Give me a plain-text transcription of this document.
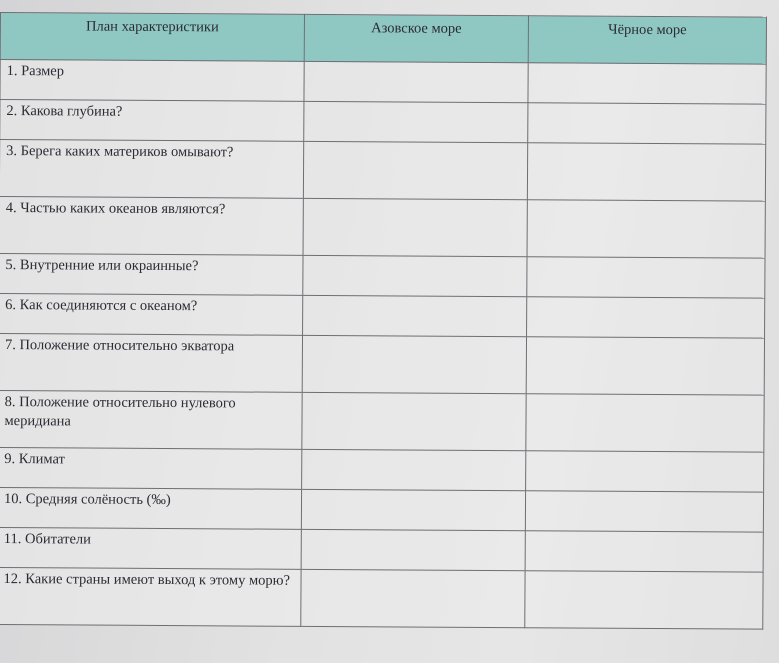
План характеристики	Азовское море	Чёрное море
1. Размер		
2. Какова глубина?		
3. Берега каких материков омывают?		
4. Частью каких океанов являются?		
5. Внутренние или окраинные?		
6. Как соединяются с океаном?		
7. Положение относительно экватора		
8. Положение относительно нулевого меридиана		
9. Климат		
10. Средняя солёность (‰)		
11. Обитатели		
12. Какие страны имеют выход к этому морю?		
